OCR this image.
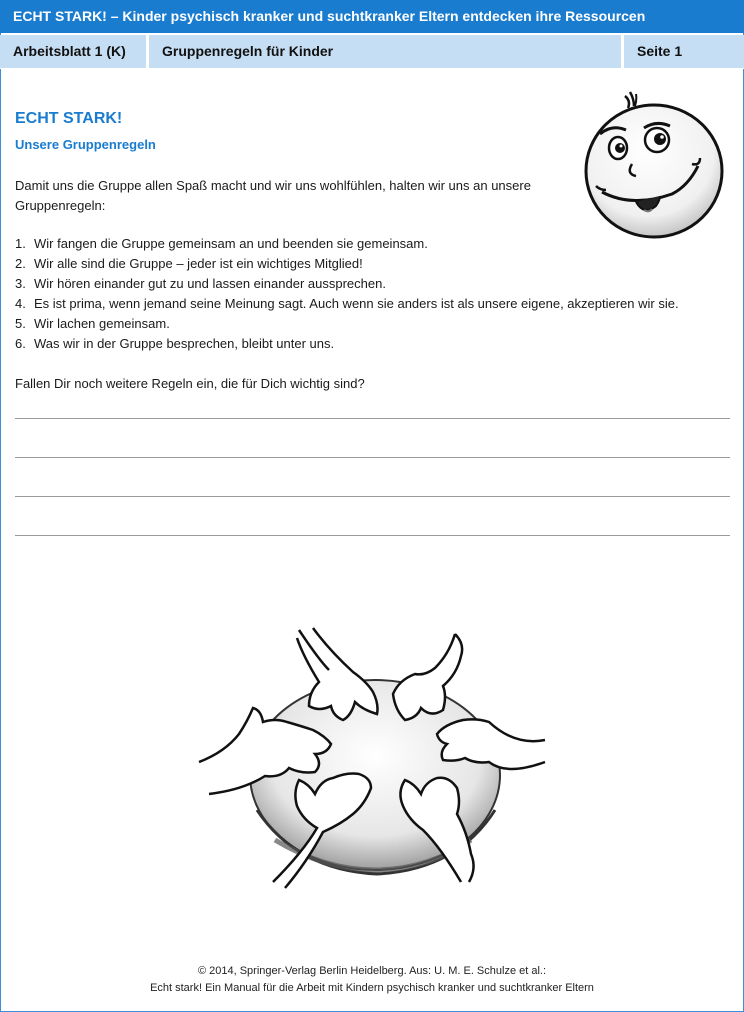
ECHT STARK! – Kinder psychisch kranker und suchtkranker Eltern entdecken ihre Ressourcen
Arbeitsblatt 1 (K)	Gruppenregeln für Kinder	Seite 1
ECHT STARK!
Unsere Gruppenregeln
Damit uns die Gruppe allen Spaß macht und wir uns wohlfühlen, halten wir uns an unsere Gruppenregeln:
1. Wir fangen die Gruppe gemeinsam an und beenden sie gemeinsam.
2. Wir alle sind die Gruppe – jeder ist ein wichtiges Mitglied!
3. Wir hören einander gut zu und lassen einander aussprechen.
4. Es ist prima, wenn jemand seine Meinung sagt. Auch wenn sie anders ist als unsere eigene, akzeptieren wir sie.
5. Wir lachen gemeinsam.
6. Was wir in der Gruppe besprechen, bleibt unter uns.
Fallen Dir noch weitere Regeln ein, die für Dich wichtig sind?
© 2014, Springer-Verlag Berlin Heidelberg. Aus: U. M. E. Schulze et al.:
Echt stark! Ein Manual für die Arbeit mit Kindern psychisch kranker und suchtkranker Eltern
